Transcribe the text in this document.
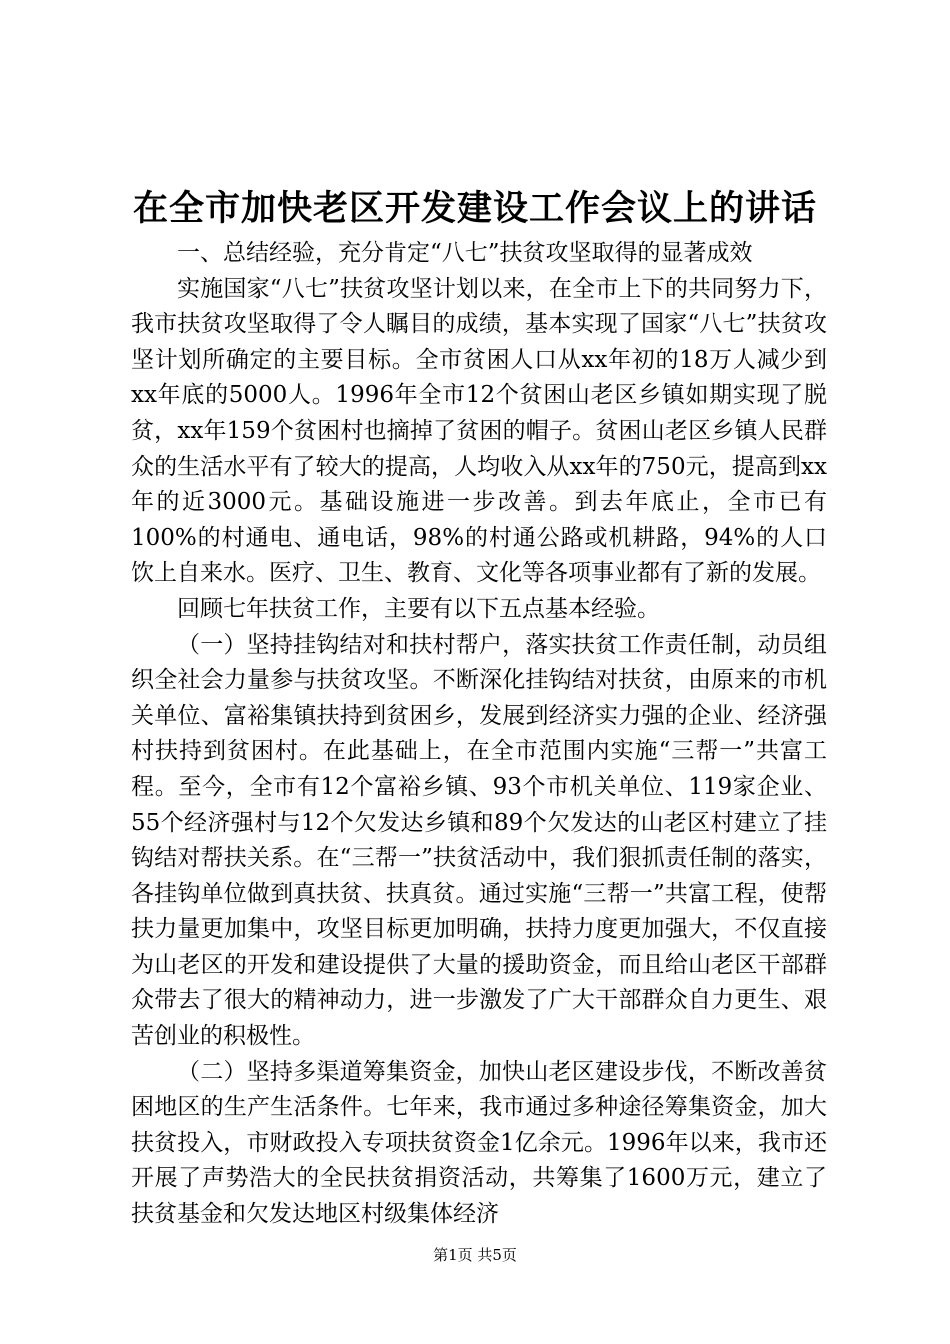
在全市加快老区开发建设工作会议上的讲话

一、总结经验，充分肯定“八七”扶贫攻坚取得的显著成效

实施国家“八七”扶贫攻坚计划以来，在全市上下的共同努力下，我市扶贫攻坚取得了令人瞩目的成绩，基本实现了国家“八七”扶贫攻坚计划所确定的主要目标。全市贫困人口从xx年初的18万人减少到xx年底的5000人。1996年全市12个贫困山老区乡镇如期实现了脱贫，xx年159个贫困村也摘掉了贫困的帽子。贫困山老区乡镇人民群众的生活水平有了较大的提高，人均收入从xx年的750元，提高到xx年的近3000元。基础设施进一步改善。到去年底止，全市已有100%的村通电、通电话，98%的村通公路或机耕路，94%的人口饮上自来水。医疗、卫生、教育、文化等各项事业都有了新的发展。

回顾七年扶贫工作，主要有以下五点基本经验。

（一）坚持挂钩结对和扶村帮户，落实扶贫工作责任制，动员组织全社会力量参与扶贫攻坚。不断深化挂钩结对扶贫，由原来的市机关单位、富裕集镇扶持到贫困乡，发展到经济实力强的企业、经济强村扶持到贫困村。在此基础上，在全市范围内实施“三帮一”共富工程。至今，全市有12个富裕乡镇、93个市机关单位、119家企业、55个经济强村与12个欠发达乡镇和89个欠发达的山老区村建立了挂钩结对帮扶关系。在“三帮一”扶贫活动中，我们狠抓责任制的落实，各挂钩单位做到真扶贫、扶真贫。通过实施“三帮一”共富工程，使帮扶力量更加集中，攻坚目标更加明确，扶持力度更加强大，不仅直接为山老区的开发和建设提供了大量的援助资金，而且给山老区干部群众带去了很大的精神动力，进一步激发了广大干部群众自力更生、艰苦创业的积极性。

（二）坚持多渠道筹集资金，加快山老区建设步伐，不断改善贫困地区的生产生活条件。七年来，我市通过多种途径筹集资金，加大扶贫投入，市财政投入专项扶贫资金1亿余元。1996年以来，我市还开展了声势浩大的全民扶贫捐资活动，共筹集了1600万元，建立了扶贫基金和欠发达地区村级集体经济

第1页 共5页
